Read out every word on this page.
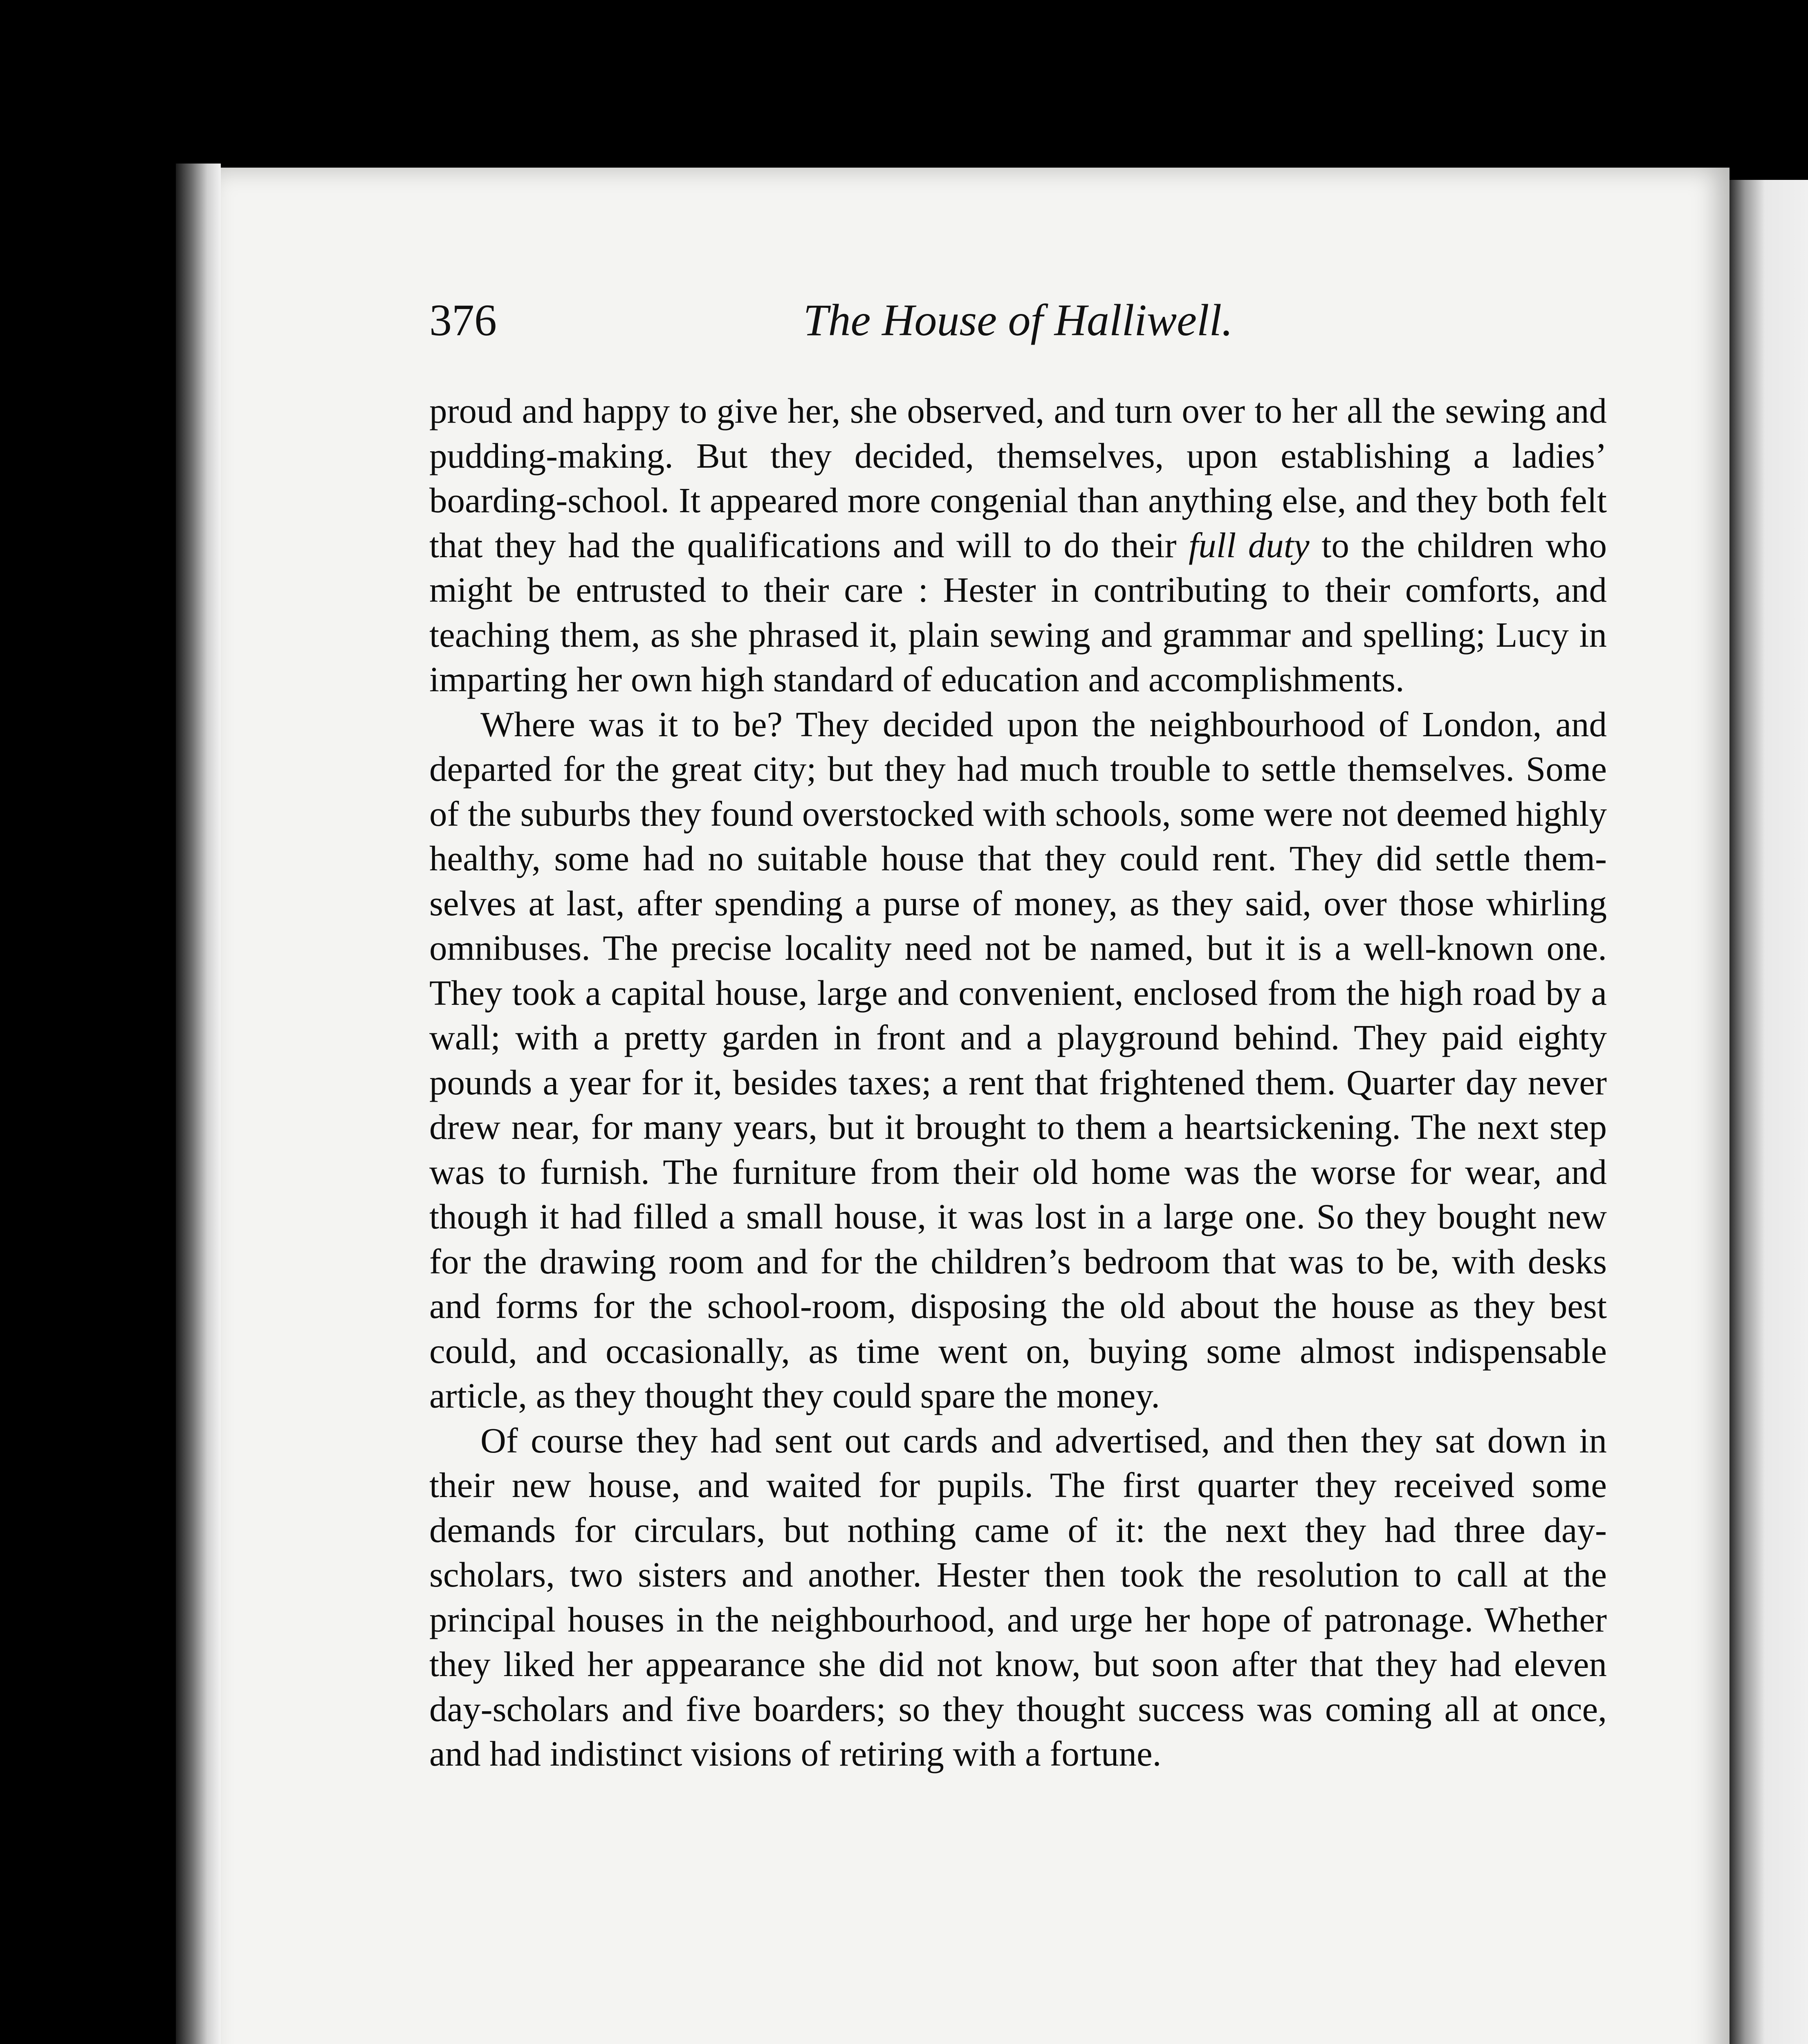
376	The House of Halliwell.

proud and happy to give her, she observed, and turn over to her all the sewing and pudding-making. But they decided, themselves, upon establishing a ladies’ boarding-school. It appeared more congenial than anything else, and they both felt that they had the qualifications and will to do their full duty to the children who might be entrusted to their care : Hester in contributing to their comforts, and teaching them, as she phrased it, plain sewing and grammar and spelling; Lucy in imparting her own high standard of education and accomplishments.

Where was it to be? They decided upon the neighbourhood of London, and departed for the great city; but they had much trouble to settle themselves. Some of the suburbs they found overstocked with schools, some were not deemed highly healthy, some had no suitable house that they could rent. They did settle themselves at last, after spending a purse of money, as they said, over those whirling omnibuses. The precise locality need not be named, but it is a well-known one. They took a capital house, large and convenient, enclosed from the high road by a wall; with a pretty garden in front and a playground behind. They paid eighty pounds a year for it, besides taxes; a rent that frightened them. Quarter day never drew near, for many years, but it brought to them a heartsickening. The next step was to furnish. The furniture from their old home was the worse for wear, and though it had filled a small house, it was lost in a large one. So they bought new for the drawing room and for the children’s bedroom that was to be, with desks and forms for the school-room, disposing the old about the house as they best could, and occasionally, as time went on, buying some almost indispensable article, as they thought they could spare the money.

Of course they had sent out cards and advertised, and then they sat down in their new house, and waited for pupils. The first quarter they received some demands for circulars, but nothing came of it: the next they had three day-scholars, two sisters and another. Hester then took the resolution to call at the principal houses in the neighbourhood, and urge her hope of patronage. Whether they liked her appearance she did not know, but soon after that they had eleven day-scholars and five boarders; so they thought success was coming all at once, and had indistinct visions of retiring with a fortune.
